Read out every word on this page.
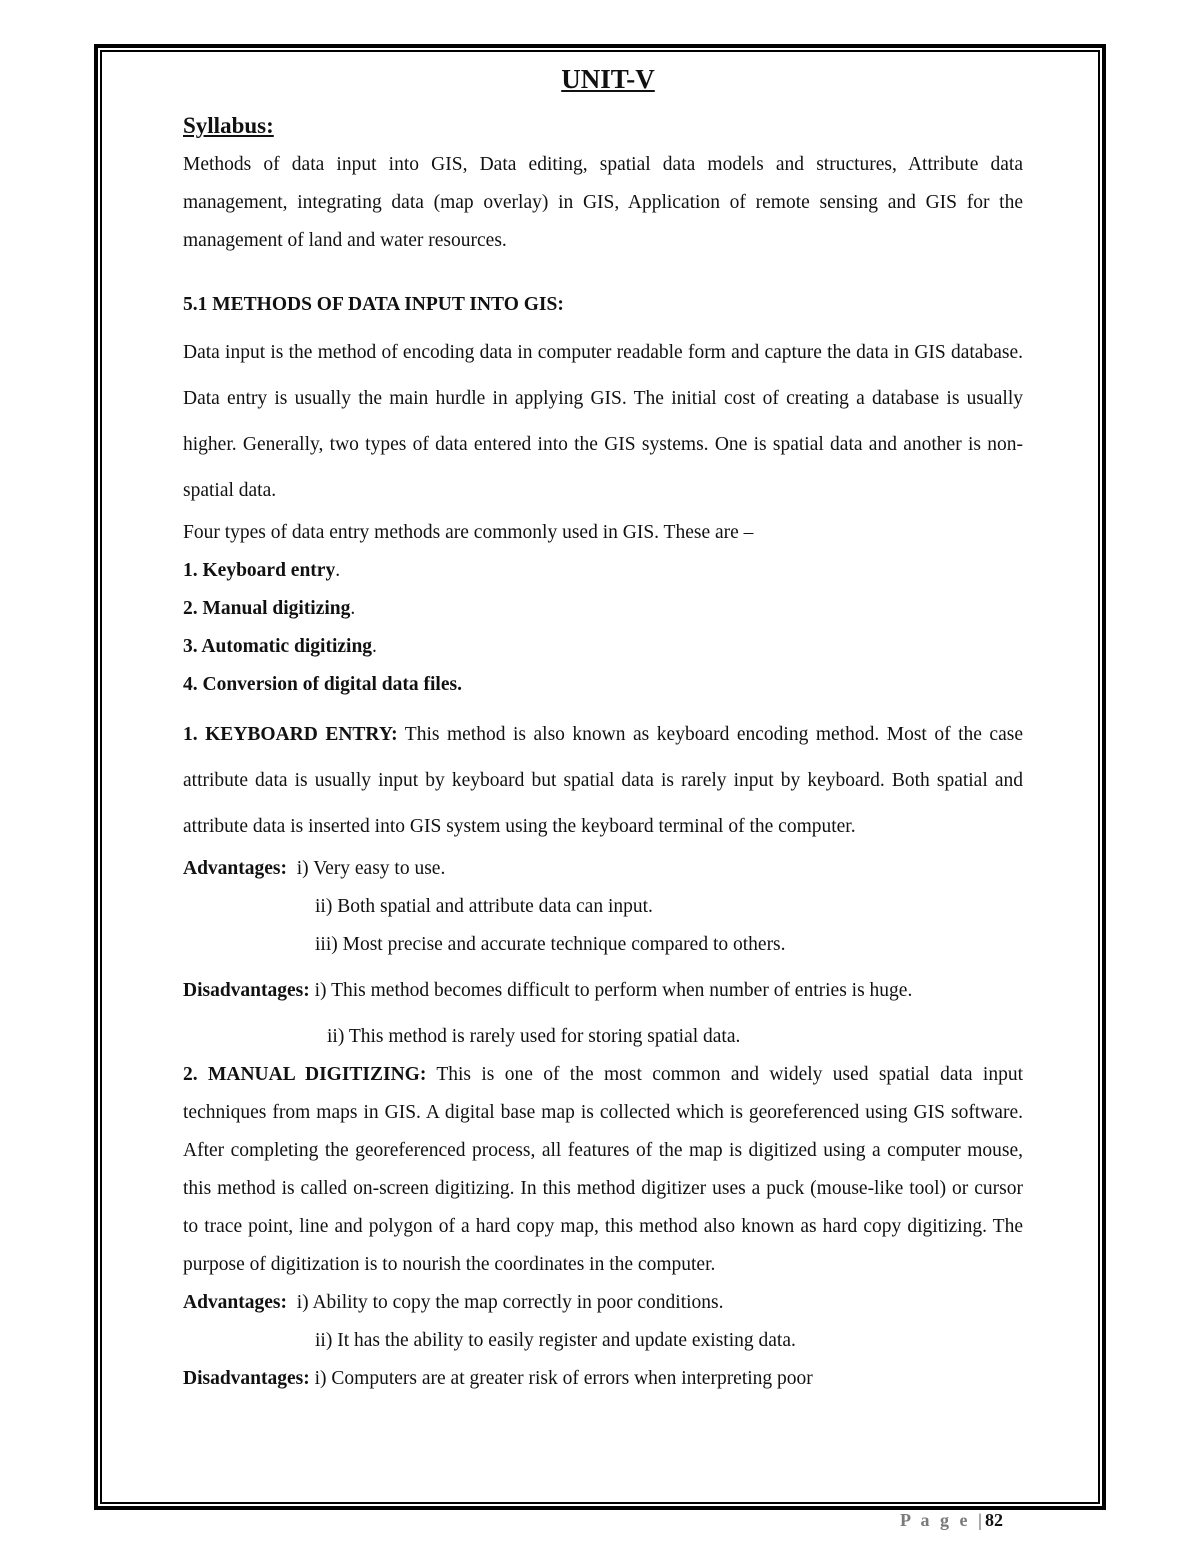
UNIT-V

Syllabus:

Methods of data input into GIS, Data editing, spatial data models and structures, Attribute data management, integrating data (map overlay) in GIS, Application of remote sensing and GIS for the management of land and water resources.

5.1 METHODS OF DATA INPUT INTO GIS:

Data input is the method of encoding data in computer readable form and capture the data in GIS database. Data entry is usually the main hurdle in applying GIS. The initial cost of creating a database is usually higher. Generally, two types of data entered into the GIS systems. One is spatial data and another is non-spatial data.

Four types of data entry methods are commonly used in GIS. These are –

1. Keyboard entry.

2. Manual digitizing.

3. Automatic digitizing.

4. Conversion of digital data files.

1. KEYBOARD ENTRY: This method is also known as keyboard encoding method. Most of the case attribute data is usually input by keyboard but spatial data is rarely input by keyboard. Both spatial and attribute data is inserted into GIS system using the keyboard terminal of the computer.

Advantages: i) Very easy to use.

ii) Both spatial and attribute data can input.

iii) Most precise and accurate technique compared to others.

Disadvantages: i) This method becomes difficult to perform when number of entries is huge.

ii) This method is rarely used for storing spatial data.

2. MANUAL DIGITIZING: This is one of the most common and widely used spatial data input techniques from maps in GIS. A digital base map is collected which is georeferenced using GIS software. After completing the georeferenced process, all features of the map is digitized using a computer mouse, this method is called on-screen digitizing. In this method digitizer uses a puck (mouse-like tool) or cursor to trace point, line and polygon of a hard copy map, this method also known as hard copy digitizing. The purpose of digitization is to nourish the coordinates in the computer.

Advantages: i) Ability to copy the map correctly in poor conditions.

ii) It has the ability to easily register and update existing data.

Disadvantages: i) Computers are at greater risk of errors when interpreting poor

P a g e |82
